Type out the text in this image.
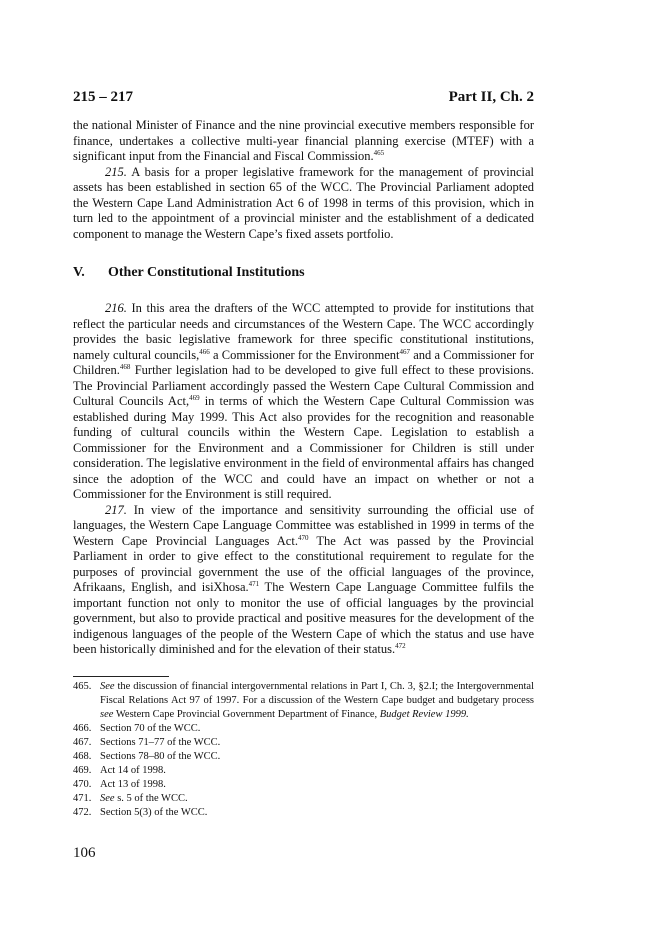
215 – 217	Part II, Ch. 2

the national Minister of Finance and the nine provincial executive members responsible for finance, undertakes a collective multi-year financial planning exercise (MTEF) with a significant input from the Financial and Fiscal Commission.$^{465}$

215. A basis for a proper legislative framework for the management of provincial assets has been established in section 65 of the WCC. The Provincial Parliament adopted the Western Cape Land Administration Act 6 of 1998 in terms of this provision, which in turn led to the appointment of a provincial minister and the establishment of a dedicated component to manage the Western Cape’s fixed assets portfolio.

V.	Other Constitutional Institutions

216. In this area the drafters of the WCC attempted to provide for institutions that reflect the particular needs and circumstances of the Western Cape. The WCC accordingly provides the basic legislative framework for three specific constitutional institutions, namely cultural councils,$^{466}$ a Commissioner for the Environment$^{467}$ and a Commissioner for Children.$^{468}$ Further legislation had to be developed to give full effect to these provisions. The Provincial Parliament accordingly passed the Western Cape Cultural Commission and Cultural Councils Act,$^{469}$ in terms of which the Western Cape Cultural Commission was established during May 1999. This Act also provides for the recognition and reasonable funding of cultural councils within the Western Cape. Legislation to establish a Commissioner for the Environment and a Commissioner for Children is still under consideration. The legislative environment in the field of environmental affairs has changed since the adoption of the WCC and could have an impact on whether or not a Commissioner for the Environment is still required.

217. In view of the importance and sensitivity surrounding the official use of languages, the Western Cape Language Committee was established in 1999 in terms of the Western Cape Provincial Languages Act.$^{470}$ The Act was passed by the Provincial Parliament in order to give effect to the constitutional requirement to regulate for the purposes of provincial government the use of the official languages of the province, Afrikaans, English, and isiXhosa.$^{471}$ The Western Cape Language Committee fulfils the important function not only to monitor the use of official languages by the provincial government, but also to provide practical and positive measures for the development of the indigenous languages of the people of the Western Cape of which the status and use have been historically diminished and for the elevation of their status.$^{472}$

465. See the discussion of financial intergovernmental relations in Part I, Ch. 3, §2.I; the Intergovernmental Fiscal Relations Act 97 of 1997. For a discussion of the Western Cape budget and budgetary process see Western Cape Provincial Government Department of Finance, Budget Review 1999.
466. Section 70 of the WCC.
467. Sections 71–77 of the WCC.
468. Sections 78–80 of the WCC.
469. Act 14 of 1998.
470. Act 13 of 1998.
471. See s. 5 of the WCC.
472. Section 5(3) of the WCC.
106
